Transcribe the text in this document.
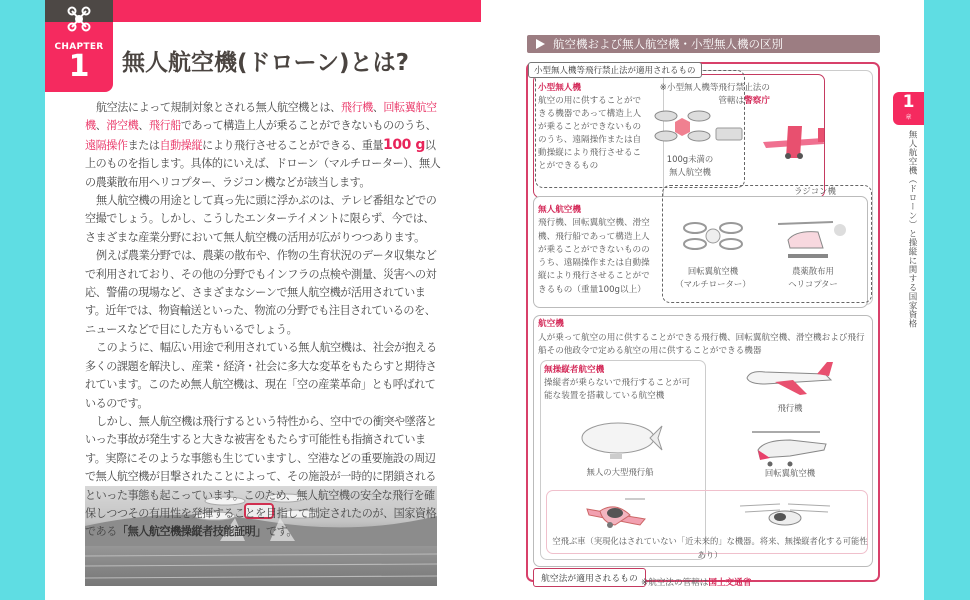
CHAPTER
1	無人航空機(ドローン)とは?

航空法によって規制対象とされる無人航空機とは、飛行機、回転翼航空機、滑空機、飛行船であって構造上人が乗ることができないもののうち、遠隔操作または自動操縦により飛行させることができる、重量100 g以上のものを指します。具体的にいえば、ドローン（マルチローター）、無人の農薬散布用ヘリコプター、ラジコン機などが該当します。

無人航空機の用途として真っ先に頭に浮かぶのは、テレビ番組などでの空撮でしょう。しかし、こうしたエンターテイメントに限らず、今では、さまざまな産業分野において無人航空機の活用が広がりつつあります。

例えば農業分野では、農薬の散布や、作物の生育状況のデータ収集などで利用されており、その他の分野でもインフラの点検や測量、災害への対応、警備の現場など、さまざまなシーンで無人航空機が活用されています。近年では、物資輸送といった、物流の分野でも注目されているのを、ニュースなどで目にした方もいるでしょう。

このように、幅広い用途で利用されている無人航空機は、社会が抱える多くの課題を解決し、産業・経済・社会に多大な変革をもたらすと期待されています。このため無人航空機は、現在「空の産業革命」とも呼ばれているのです。

しかし、無人航空機は飛行するという特性から、空中での衝突や墜落といった事故が発生すると大きな被害をもたらす可能性も指摘されています。実際にそのような事態も生じていますし、空港などの重要施設の周辺で無人航空機が目撃されたことによって、その施設が一時的に閉鎖されるといった事態も起こっています。このため、無人航空機の安全な飛行を確保しつつその有用性を発揮することを目指して制定されたのが、国家資格である「無人航空機操縦者技能証明」です。

航空機および無人航空機・小型無人機の区別
小型無人機等飛行禁止法が適用されるもの
小型無人機
航空の用に供することができる機器であって構造上人が乗ることができないもののうち、遠隔操作または自動操縦により飛行させることができるもの
※小型無人機等飛行禁止法の管轄は警察庁
100g未満の
無人航空機
ラジコン機
無人航空機
飛行機、回転翼航空機、滑空機、飛行船であって構造上人が乗ることができないもののうち、遠隔操作または自動操縦により飛行させることができるもの（重量100g以上）
回転翼航空機
（マルチローター）
農薬散布用
ヘリコプター
航空機
人が乗って航空の用に供することができる飛行機、回転翼航空機、滑空機および飛行船その他政令で定める航空の用に供することができる機器
無操縦者航空機
操縦者が乗らないで飛行することが可能な装置を搭載している航空機
飛行機
無人の大型飛行船	回転翼航空機
空飛ぶ車（実現化はされていない「近未来的」な機器。将来、無操縦者化する可能性あり）
航空法が適用されるもの ※航空法の管轄は国土交通省
1
章
無人航空機（ドローン）と操縦に関する国家資格
